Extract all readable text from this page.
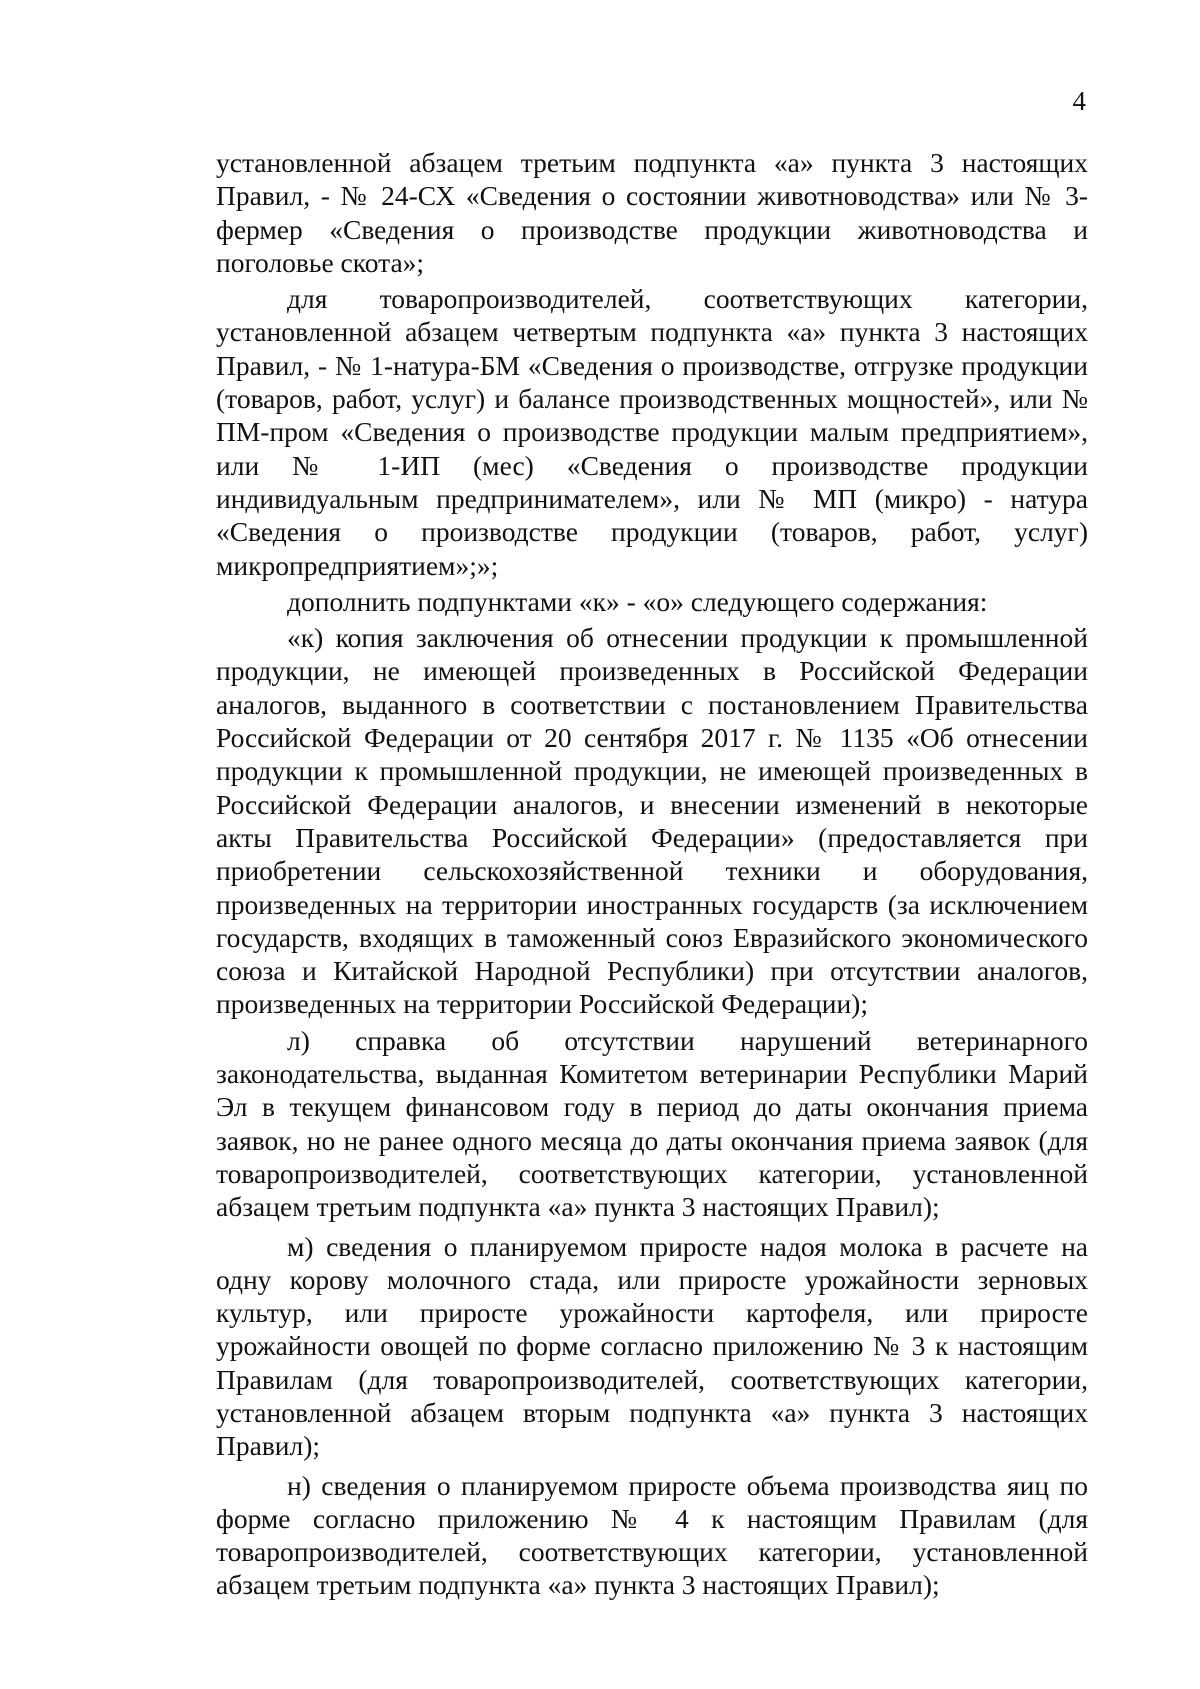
4

установленной абзацем третьим подпункта «а» пункта 3 настоящих Правил, - № 24-СХ «Сведения о состоянии животноводства» или № 3-фермер «Сведения о производстве продукции животноводства и поголовье скота»;

для товаропроизводителей, соответствующих категории, установленной абзацем четвертым подпункта «а» пункта 3 настоящих Правил, - № 1-натура-БМ «Сведения о производстве, отгрузке продукции (товаров, работ, услуг) и балансе производственных мощностей», или № ПМ-пром «Сведения о производстве продукции малым предприятием», или № 1-ИП (мес) «Сведения о производстве продукции индивидуальным предпринимателем», или № МП (микро) - натура «Сведения о производстве продукции (товаров, работ, услуг) микропредприятием»;»;

дополнить подпунктами «к» - «о» следующего содержания:

«к) копия заключения об отнесении продукции к промышленной продукции, не имеющей произведенных в Российской Федерации аналогов, выданного в соответствии с постановлением Правительства Российской Федерации от 20 сентября 2017 г. № 1135 «Об отнесении продукции к промышленной продукции, не имеющей произведенных в Российской Федерации аналогов, и внесении изменений в некоторые акты Правительства Российской Федерации» (предоставляется при приобретении сельскохозяйственной техники и оборудования, произведенных на территории иностранных государств (за исключением государств, входящих в таможенный союз Евразийского экономического союза и Китайской Народной Республики) при отсутствии аналогов, произведенных на территории Российской Федерации);

л) справка об отсутствии нарушений ветеринарного законодательства, выданная Комитетом ветеринарии Республики Марий Эл в текущем финансовом году в период до даты окончания приема заявок, но не ранее одного месяца до даты окончания приема заявок (для товаропроизводителей, соответствующих категории, установленной абзацем третьим подпункта «а» пункта 3 настоящих Правил);

м) сведения о планируемом приросте надоя молока в расчете на одну корову молочного стада, или приросте урожайности зерновых культур, или приросте урожайности картофеля, или приросте урожайности овощей по форме согласно приложению № 3 к настоящим Правилам (для товаропроизводителей, соответствующих категории, установленной абзацем вторым подпункта «а» пункта 3 настоящих Правил);

н) сведения о планируемом приросте объема производства яиц по форме согласно приложению № 4 к настоящим Правилам (для товаропроизводителей, соответствующих категории, установленной абзацем третьим подпункта «а» пункта 3 настоящих Правил);
